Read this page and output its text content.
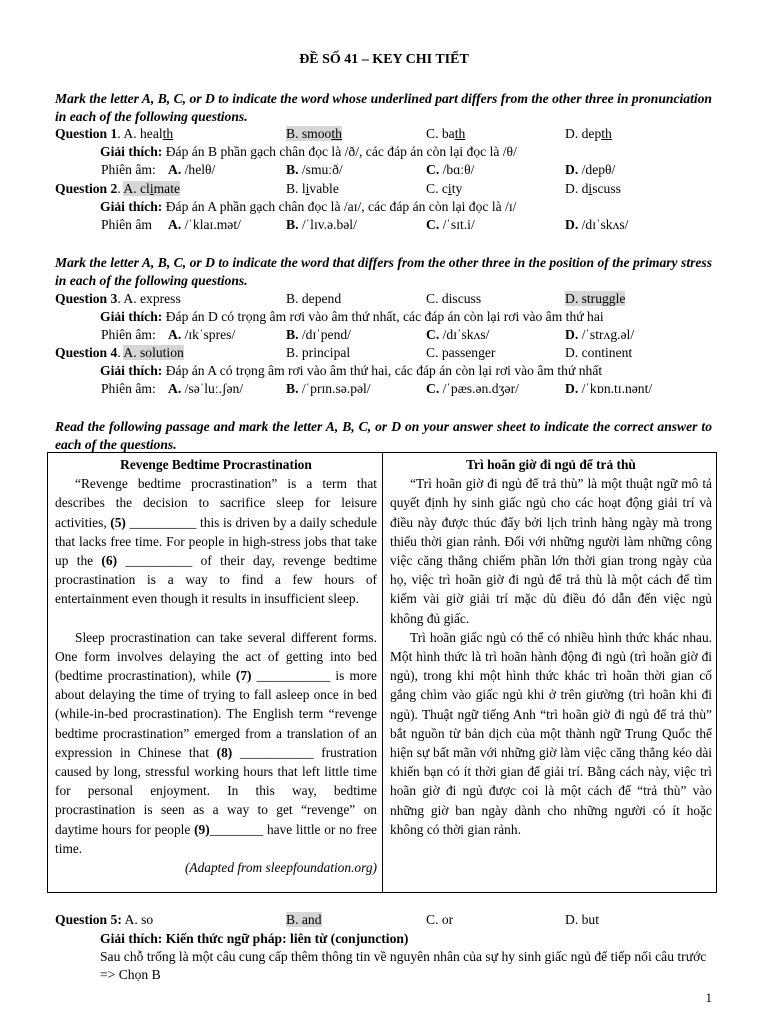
ĐỀ SỐ 41 – KEY CHI TIẾT
Mark the letter A, B, C, or D to indicate the word whose underlined part differs from the other three in pronunciation in each of the following questions.
Question 1. A. health	B. smooth	C. bath	D. depth
Giải thích: Đáp án B phần gạch chân đọc là /ð/, các đáp án còn lại đọc là /θ/
Phiên âm: A. /helθ/	B. /smuːð/	C. /bɑːθ/	D. /depθ/
Question 2. A. climate	B. livable	C. city	D. discuss
Giải thích: Đáp án A phần gạch chân đọc là /aɪ/, các đáp án còn lại đọc là /ɪ/
Phiên âm A. /ˈklaɪ.mət/	B. /ˈlɪv.ə.bəl/	C. /ˈsɪt.i/	D. /dɪˈskʌs/
Mark the letter A, B, C, or D to indicate the word that differs from the other three in the position of the primary stress in each of the following questions.
Question 3. A. express	B. depend	C. discuss	D. struggle
Giải thích: Đáp án D có trọng âm rơi vào âm thứ nhất, các đáp án còn lại rơi vào âm thứ hai
Phiên âm: A. /ɪkˈspres/	B. /dɪˈpend/	C. /dɪˈskʌs/	D. /ˈstrʌg.əl/
Question 4. A. solution	B. principal	C. passenger	D. continent
Giải thích: Đáp án A có trọng âm rơi vào âm thứ hai, các đáp án còn lại rơi vào âm thứ nhất
Phiên âm: A. /səˈluː.ʃən/	B. /ˈprɪn.sə.pəl/	C. /ˈpæs.ən.dʒər/	D. /ˈkɒn.tɪ.nənt/
Read the following passage and mark the letter A, B, C, or D on your answer sheet to indicate the correct answer to each of the questions.

Revenge Bedtime Procrastination

“Revenge bedtime procrastination” is a term that describes the decision to sacrifice sleep for leisure activities, (5) __________ this is driven by a daily schedule that lacks free time. For people in high-stress jobs that take up the (6) __________ of their day, revenge bedtime procrastination is a way to find a few hours of entertainment even though it results in insufficient sleep.

Sleep procrastination can take several different forms. One form involves delaying the act of getting into bed (bedtime procrastination), while (7) ___________ is more about delaying the time of trying to fall asleep once in bed (while-in-bed procrastination). The English term “revenge bedtime procrastination” emerged from a translation of an expression in Chinese that (8) ___________ frustration caused by long, stressful working hours that left little time for personal enjoyment. In this way, bedtime procrastination is seen as a way to get “revenge” on daytime hours for people (9)________ have little or no free time.

(Adapted from sleepfoundation.org)

Trì hoãn giờ đi ngủ để trả thù

“Trì hoãn giờ đi ngủ để trả thù” là một thuật ngữ mô tả quyết định hy sinh giấc ngủ cho các hoạt động giải trí và điều này được thúc đẩy bởi lịch trình hàng ngày mà trong thiếu thời gian rảnh. Đối với những người làm những công việc căng thẳng chiếm phần lớn thời gian trong ngày của họ, việc trì hoãn giờ đi ngủ để trả thù là một cách để tìm kiếm vài giờ giải trí mặc dù điều đó dẫn đến việc ngủ không đủ giấc.

Trì hoãn giấc ngủ có thể có nhiều hình thức khác nhau. Một hình thức là trì hoãn hành động đi ngủ (trì hoãn giờ đi ngủ), trong khi một hình thức khác trì hoãn thời gian cố gắng chìm vào giấc ngủ khi ở trên giường (trì hoãn khi đi ngủ). Thuật ngữ tiếng Anh “trì hoãn giờ đi ngủ để trả thù” bắt nguồn từ bản dịch của một thành ngữ Trung Quốc thể hiện sự bất mãn với những giờ làm việc căng thẳng kéo dài khiến bạn có ít thời gian để giải trí. Bằng cách này, việc trì hoãn giờ đi ngủ được coi là một cách để “trả thù” vào những giờ ban ngày dành cho những người có ít hoặc không có thời gian rảnh.

Question 5: A. so	B. and	C. or	D. but
Giải thích: Kiến thức ngữ pháp: liên từ (conjunction)
Sau chỗ trống là một câu cung cấp thêm thông tin về nguyên nhân của sự hy sinh giấc ngủ để tiếp nối câu trước => Chọn B
1
